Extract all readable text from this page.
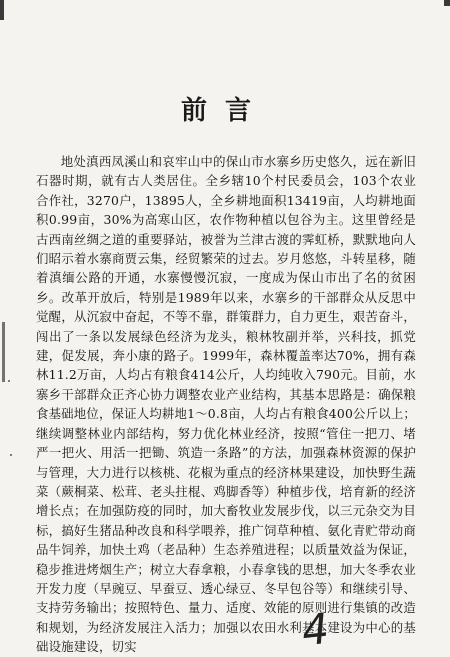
前言
地处滇西凤溪山和哀牢山中的保山市水寨乡历史悠久，远在新旧石器时期，就有古人类居住。全乡辖10个村民委员会，103个农业合作社，3270户，13895人，全乡耕地面积13419亩，人均耕地面积0.99亩，30%为高寒山区，农作物种植以包谷为主。这里曾经是古西南丝绸之道的重要驿站，被誉为兰津古渡的霁虹桥，默默地向人们昭示着水寨商贾云集，经贸繁荣的过去。岁月悠悠，斗转星移，随着滇缅公路的开通，水寨慢慢沉寂，一度成为保山市出了名的贫困乡。改革开放后，特别是1989年以来，水寨乡的干部群众从反思中觉醒，从沉寂中奋起，不等不靠，群策群力，自力更生，艰苦奋斗，闯出了一条以发展绿色经济为龙头，粮林牧副并举，兴科技，抓党建，促发展，奔小康的路子。1999年，森林覆盖率达70%，拥有森林11.2万亩，人均占有粮食414公斤，人均纯收入790元。目前，水寨乡干部群众正齐心协力调整农业产业结构，其基本思路是：确保粮食基础地位，保证人均耕地1～0.8亩，人均占有粮食400公斤以上；继续调整林业内部结构，努力优化林业经济，按照“管住一把刀、堵严一把火、用活一把锄、筑造一条路”的方法，加强森林资源的保护与管理，大力进行以核桃、花椒为重点的经济林果建设，加快野生蔬菜（蕨桐菜、松茸、老头拄棍、鸡脚香等）种植步伐，培育新的经济增长点；在加强防疫的同时，加大畜牧业发展步伐，以三元杂交为目标，搞好生猪品种改良和科学喂养，推广饲草种植、氨化青贮带动商品牛饲养，加快土鸡（老品种）生态养殖进程；以质量效益为保证，稳步推进烤烟生产；树立大春拿粮，小春拿钱的思想，加大冬季农业开发力度（早豌豆、早蚕豆、透心绿豆、冬早包谷等）和继续引导、支持劳务输出；按照特色、量力、适度、效能的原则进行集镇的改造和规划，为经济发展注入活力；加强以农田水利基本建设为中心的基础设施建设，切实	4
